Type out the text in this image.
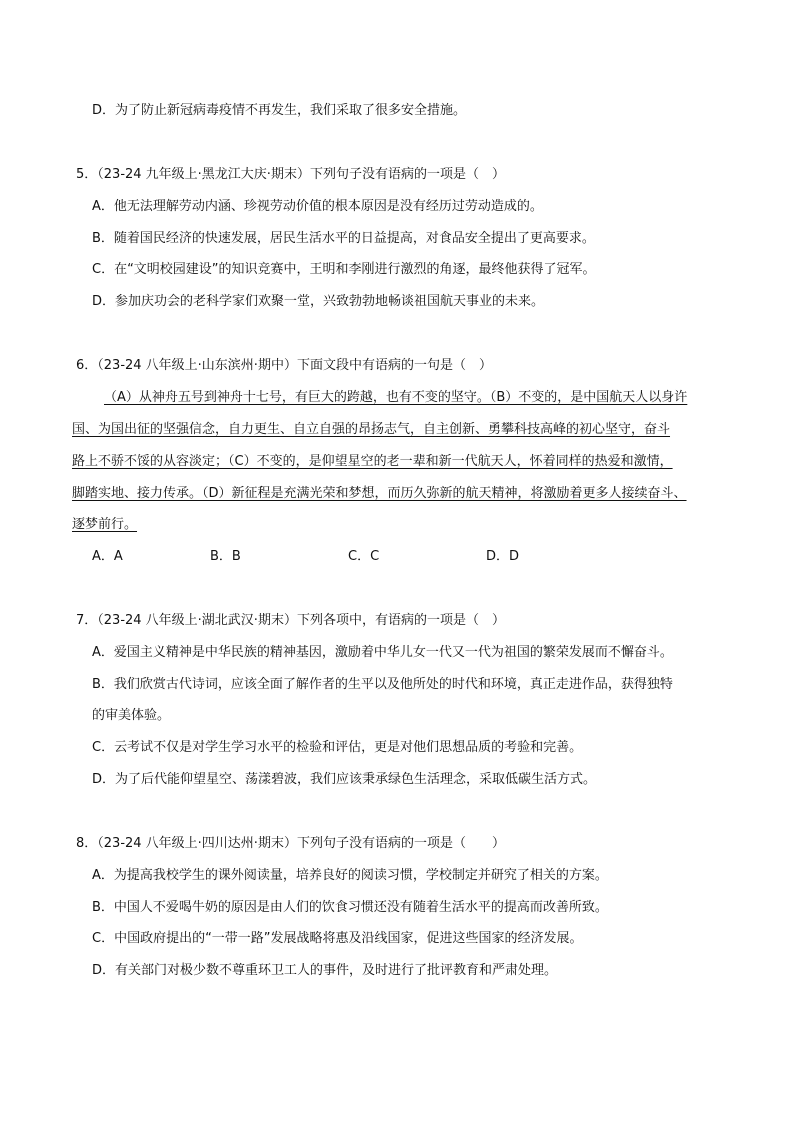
D．为了防止新冠病毒疫情不再发生，我们采取了很多安全措施。
5．（23-24 九年级上·黑龙江大庆·期末）下列句子没有语病的一项是（　）
A．他无法理解劳动内涵、珍视劳动价值的根本原因是没有经历过劳动造成的。
B．随着国民经济的快速发展，居民生活水平的日益提高，对食品安全提出了更高要求。
C．在“文明校园建设”的知识竞赛中，王明和李刚进行激烈的角逐，最终他获得了冠军。
D．参加庆功会的老科学家们欢聚一堂，兴致勃勃地畅谈祖国航天事业的未来。
6．（23-24 八年级上·山东滨州·期中）下面文段中有语病的一句是（　）
（A）从神舟五号到神舟十七号，有巨大的跨越，也有不变的坚守。（B）不变的，是中国航天人以身许
国、为国出征的坚强信念，自力更生、自立自强的昂扬志气，自主创新、勇攀科技高峰的初心坚守，奋斗
路上不骄不馁的从容淡定；（C）不变的，是仰望星空的老一辈和新一代航天人，怀着同样的热爱和激情，
脚踏实地、接力传承。（D）新征程是充满光荣和梦想，而历久弥新的航天精神，将激励着更多人接续奋斗、
逐梦前行。
A．A	B．B	C．C	D．D
7．（23-24 八年级上·湖北武汉·期末）下列各项中，有语病的一项是（　）
A．爱国主义精神是中华民族的精神基因，激励着中华儿女一代又一代为祖国的繁荣发展而不懈奋斗。
B．我们欣赏古代诗词，应该全面了解作者的生平以及他所处的时代和环境，真正走进作品，获得独特
的审美体验。
C．云考试不仅是对学生学习水平的检验和评估，更是对他们思想品质的考验和完善。
D．为了后代能仰望星空、荡漾碧波，我们应该秉承绿色生活理念，采取低碳生活方式。
8．（23-24 八年级上·四川达州·期末）下列句子没有语病的一项是（　　）
A．为提高我校学生的课外阅读量，培养良好的阅读习惯，学校制定并研究了相关的方案。
B．中国人不爱喝牛奶的原因是由人们的饮食习惯还没有随着生活水平的提高而改善所致。
C．中国政府提出的“一带一路”发展战略将惠及沿线国家，促进这些国家的经济发展。
D．有关部门对极少数不尊重环卫工人的事件，及时进行了批评教育和严肃处理。
